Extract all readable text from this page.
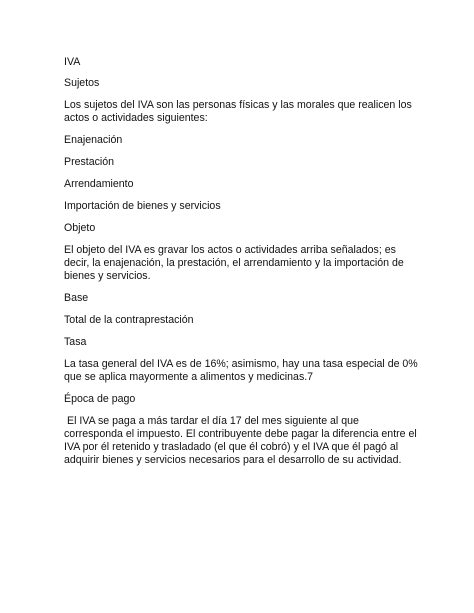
IVA
Sujetos
Los sujetos del IVA son las personas físicas y las morales que realicen los actos o actividades siguientes:
Enajenación
Prestación
Arrendamiento
Importación de bienes y servicios
Objeto
El objeto del IVA es gravar los actos o actividades arriba señalados; es decir, la enajenación, la prestación, el arrendamiento y la importación de bienes y servicios.
Base
Total de la contraprestación
Tasa
La tasa general del IVA es de 16%; asimismo, hay una tasa especial de 0% que se aplica mayormente a alimentos y medicinas.7
Época de pago
El IVA se paga a más tardar el día 17 del mes siguiente al que corresponda el impuesto. El contribuyente debe pagar la diferencia entre el IVA por él retenido y trasladado (el que él cobró) y el IVA que él pagó al adquirir bienes y servicios necesarios para el desarrollo de su actividad.
